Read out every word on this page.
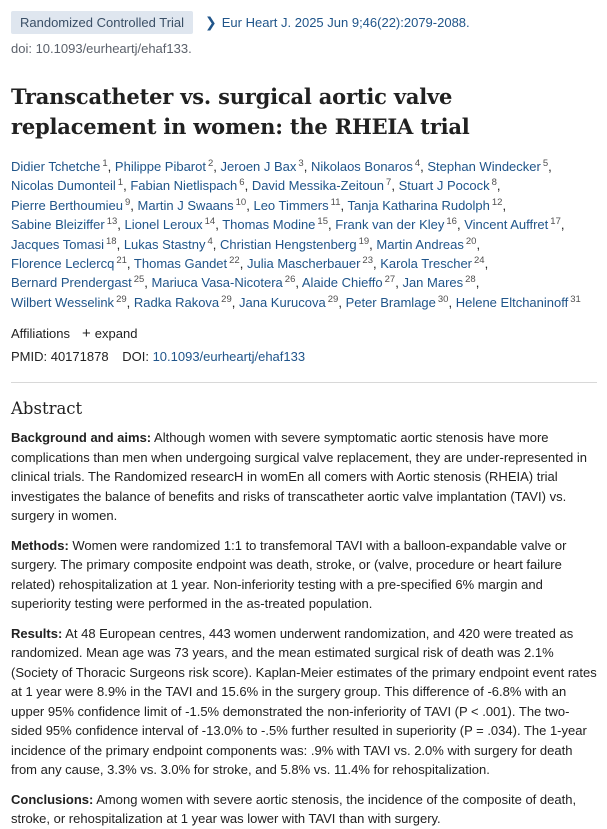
Randomized Controlled Trial	❯ Eur Heart J. 2025 Jun 9;46(22):2079-2088.
doi: 10.1093/eurheartj/ehaf133.
Transcatheter vs. surgical aortic valve replacement in women: the RHEIA trial
Didier Tchetche $^1$, Philippe Pibarot $^2$, Jeroen J Bax $^3$, Nikolaos Bonaros $^4$, Stephan Windecker $^5$, Nicolas Dumonteil $^1$, Fabian Nietlispach $^6$, David Messika-Zeitoun $^7$, Stuart J Pocock $^8$, Pierre Berthoumieu $^9$, Martin J Swaans $^{10}$, Leo Timmers $^{11}$, Tanja Katharina Rudolph $^{12}$, Sabine Bleiziffer $^{13}$, Lionel Leroux $^{14}$, Thomas Modine $^{15}$, Frank van der Kley $^{16}$, Vincent Auffret $^{17}$, Jacques Tomasi $^{18}$, Lukas Stastny $^4$, Christian Hengstenberg $^{19}$, Martin Andreas $^{20}$, Florence Leclercq $^{21}$, Thomas Gandet $^{22}$, Julia Mascherbauer $^{23}$, Karola Trescher $^{24}$, Bernard Prendergast $^{25}$, Mariuca Vasa-Nicotera $^{26}$, Alaide Chieffo $^{27}$, Jan Mares $^{28}$, Wilbert Wesselink $^{29}$, Radka Rakova $^{29}$, Jana Kurucova $^{29}$, Peter Bramlage $^{30}$, Helene Eltchaninoff $^{31}$
Affiliations + expand
PMID: 40171878 DOI: 10.1093/eurheartj/ehaf133
Abstract

Background and aims: Although women with severe symptomatic aortic stenosis have more complications than men when undergoing surgical valve replacement, they are under-represented in clinical trials. The Randomized researcH in womEn all comers with Aortic stenosis (RHEIA) trial investigates the balance of benefits and risks of transcatheter aortic valve implantation (TAVI) vs. surgery in women.

Methods: Women were randomized 1:1 to transfemoral TAVI with a balloon-expandable valve or surgery. The primary composite endpoint was death, stroke, or (valve, procedure or heart failure related) rehospitalization at 1 year. Non-inferiority testing with a pre-specified 6% margin and superiority testing were performed in the as-treated population.

Results: At 48 European centres, 443 women underwent randomization, and 420 were treated as randomized. Mean age was 73 years, and the mean estimated surgical risk of death was 2.1% (Society of Thoracic Surgeons risk score). Kaplan-Meier estimates of the primary endpoint event rates at 1 year were 8.9% in the TAVI and 15.6% in the surgery group. This difference of -6.8% with an upper 95% confidence limit of -1.5% demonstrated the non-inferiority of TAVI (P < .001). The two-sided 95% confidence interval of -13.0% to -.5% further resulted in superiority (P = .034). The 1-year incidence of the primary endpoint components was: .9% with TAVI vs. 2.0% with surgery for death from any cause, 3.3% vs. 3.0% for stroke, and 5.8% vs. 11.4% for rehospitalization.

Conclusions: Among women with severe aortic stenosis, the incidence of the composite of death, stroke, or rehospitalization at 1 year was lower with TAVI than with surgery.
